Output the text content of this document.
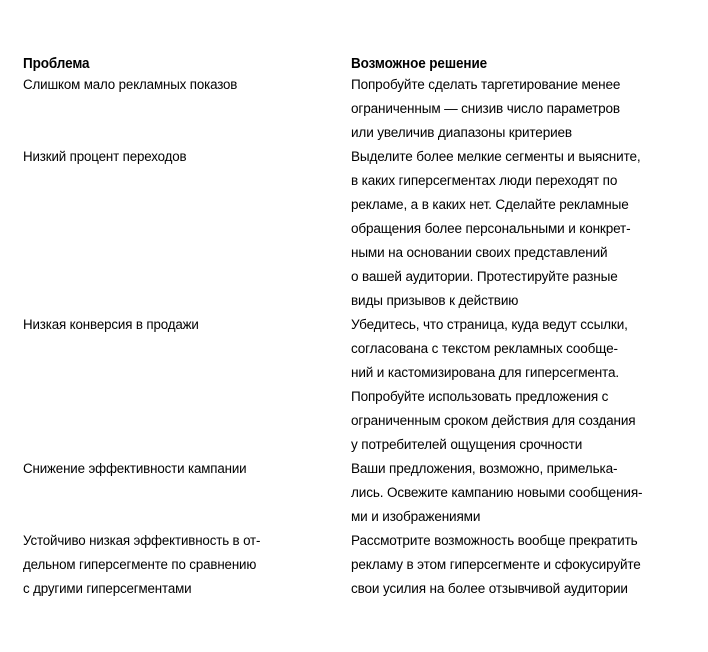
Проблема	Возможное решение

Слишком мало рекламных показов	Попробуйте сделать таргетирование менее
ограниченным — снизив число параметров
или увеличив диапазоны критериев

Низкий процент переходов	Выделите более мелкие сегменты и выясните,
в каких гиперсегментах люди переходят по
рекламе, а в каких нет. Сделайте рекламные
обращения более персональными и конкрет-
ными на основании своих представлений
о вашей аудитории. Протестируйте разные
виды призывов к действию

Низкая конверсия в продажи	Убедитесь, что страница, куда ведут ссылки,
согласована с текстом рекламных сообще-
ний и кастомизирована для гиперсегмента.
Попробуйте использовать предложения с
ограниченным сроком действия для создания
у потребителей ощущения срочности

Снижение эффективности кампании	Ваши предложения, возможно, примелька-
лись. Освежите кампанию новыми сообщения-
ми и изображениями

Устойчиво низкая эффективность в от-
дельном гиперсегменте по сравнению
с другими гиперсегментами	Рассмотрите возможность вообще прекратить
рекламу в этом гиперсегменте и сфокусируйте
свои усилия на более отзывчивой аудитории
